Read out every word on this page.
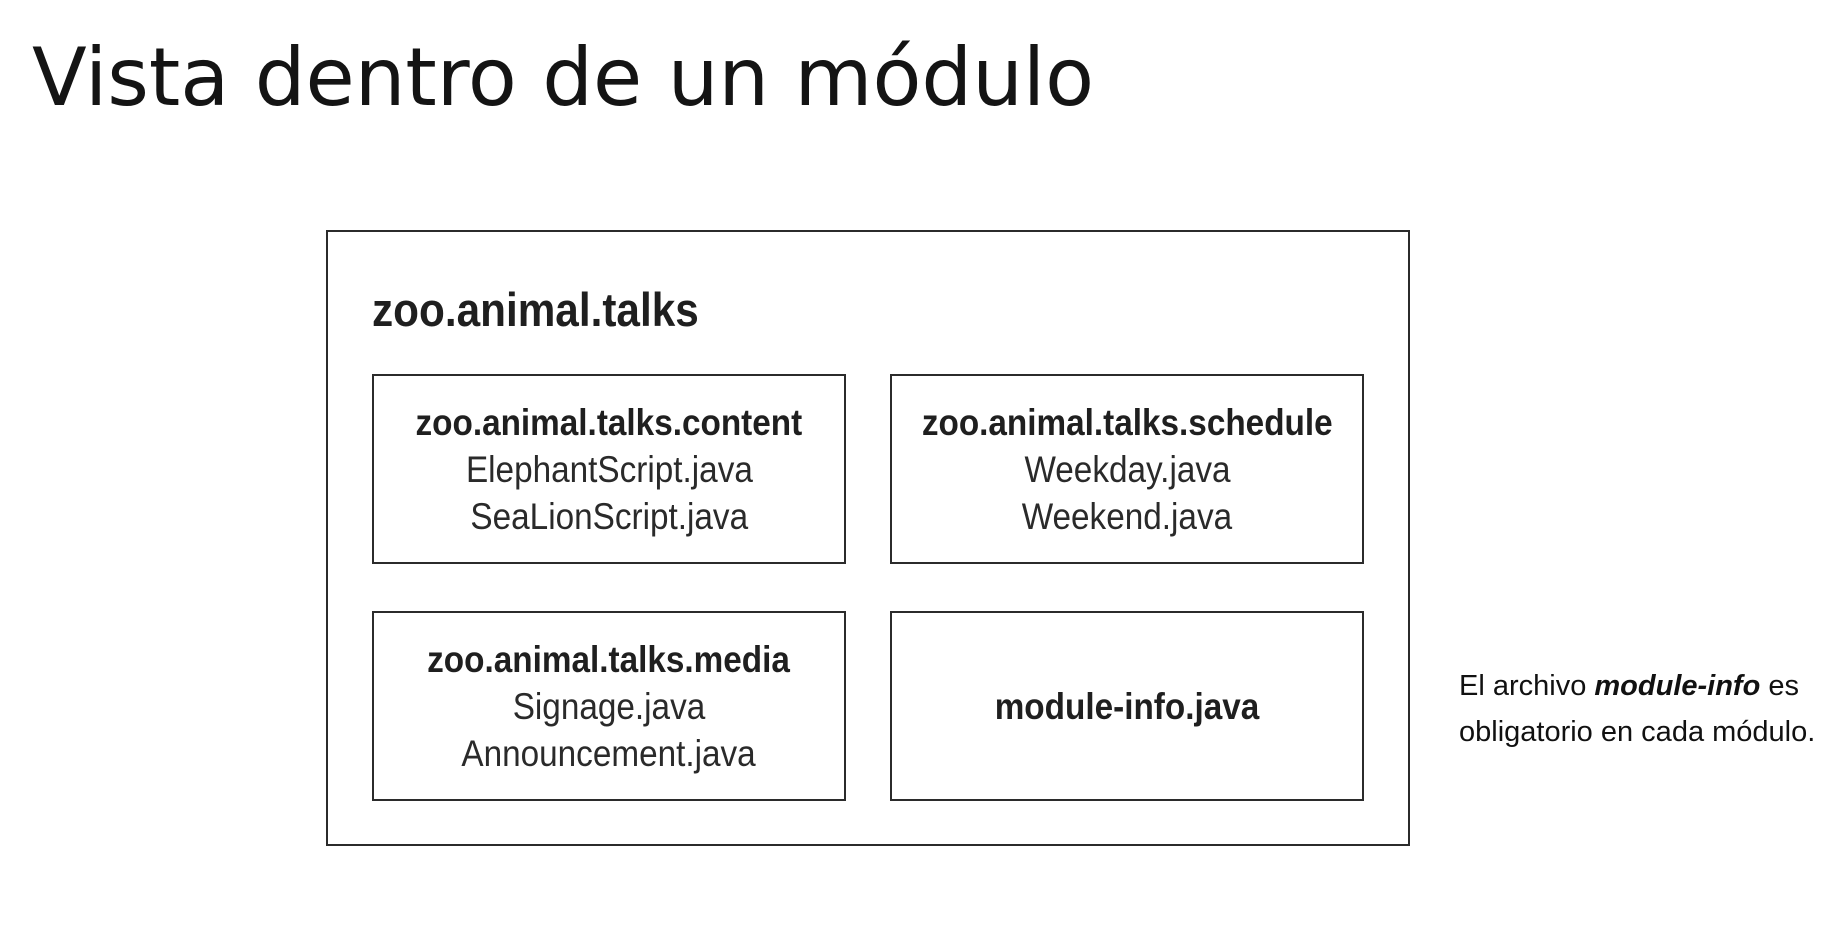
Vista dentro de un módulo
zoo.animal.talks
zoo.animal.talks.content
ElephantScript.java
SeaLionScript.java
zoo.animal.talks.schedule
Weekday.java
Weekend.java
zoo.animal.talks.media
Signage.java
Announcement.java
module-info.java	El archivo module-info es obligatorio en cada módulo.
